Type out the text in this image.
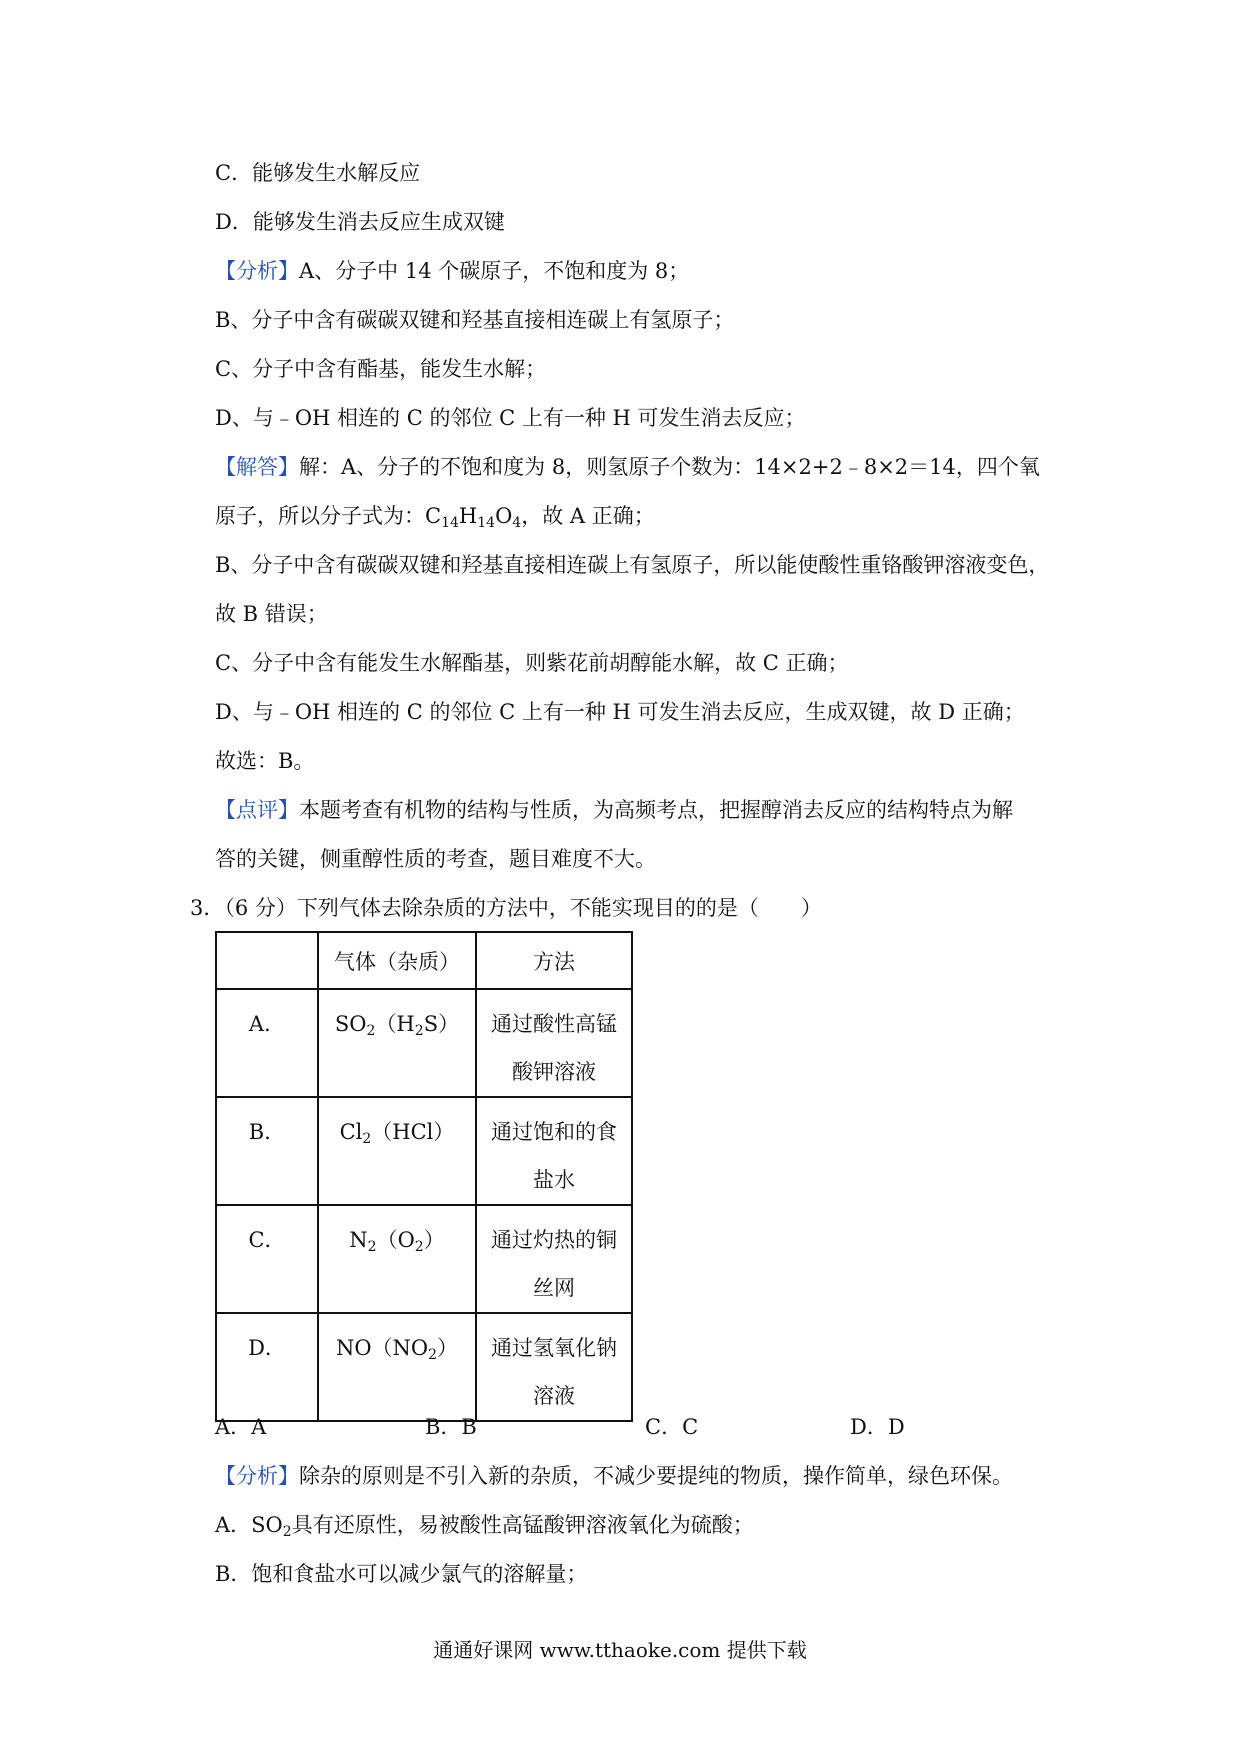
C．能够发生水解反应
D．能够发生消去反应生成双键
【分析】A、分子中 14 个碳原子，不饱和度为 8；
B、分子中含有碳碳双键和羟基直接相连碳上有氢原子；
C、分子中含有酯基，能发生水解；
D、与﹣OH 相连的 C 的邻位 C 上有一种 H 可发生消去反应；
【解答】解：A、分子的不饱和度为 8，则氢原子个数为：14×2+2﹣8×2＝14，四个氧
原子，所以分子式为：$C_{14}H_{14}O_4$，故 A 正确；
B、分子中含有碳碳双键和羟基直接相连碳上有氢原子，所以能使酸性重铬酸钾溶液变色，
故 B 错误；
C、分子中含有能发生水解酯基，则紫花前胡醇能水解，故 C 正确；
D、与﹣OH 相连的 C 的邻位 C 上有一种 H 可发生消去反应，生成双键，故 D 正确；
故选：B。
【点评】本题考查有机物的结构与性质，为高频考点，把握醇消去反应的结构特点为解
答的关键，侧重醇性质的考查，题目难度不大。
3．（6 分）下列气体去除杂质的方法中，不能实现目的的是（　　）
	气体（杂质）	方法

A．	$SO_2(H_2S)$	通过酸性高锰
酸钾溶液

B．	$Cl_2(HCl)$	通过饱和的食
盐水

C．	$N_2(O_2)$	通过灼热的铜
丝网

D．	$NO(NO_2)$	通过氢氧化钠
溶液
A．A	B．B	C．C	D．D
【分析】除杂的原则是不引入新的杂质，不减少要提纯的物质，操作简单，绿色环保。
A．$SO_2$具有还原性，易被酸性高锰酸钾溶液氧化为硫酸；
B．饱和食盐水可以减少氯气的溶解量；
通通好课网 www.tthaoke.com 提供下载
